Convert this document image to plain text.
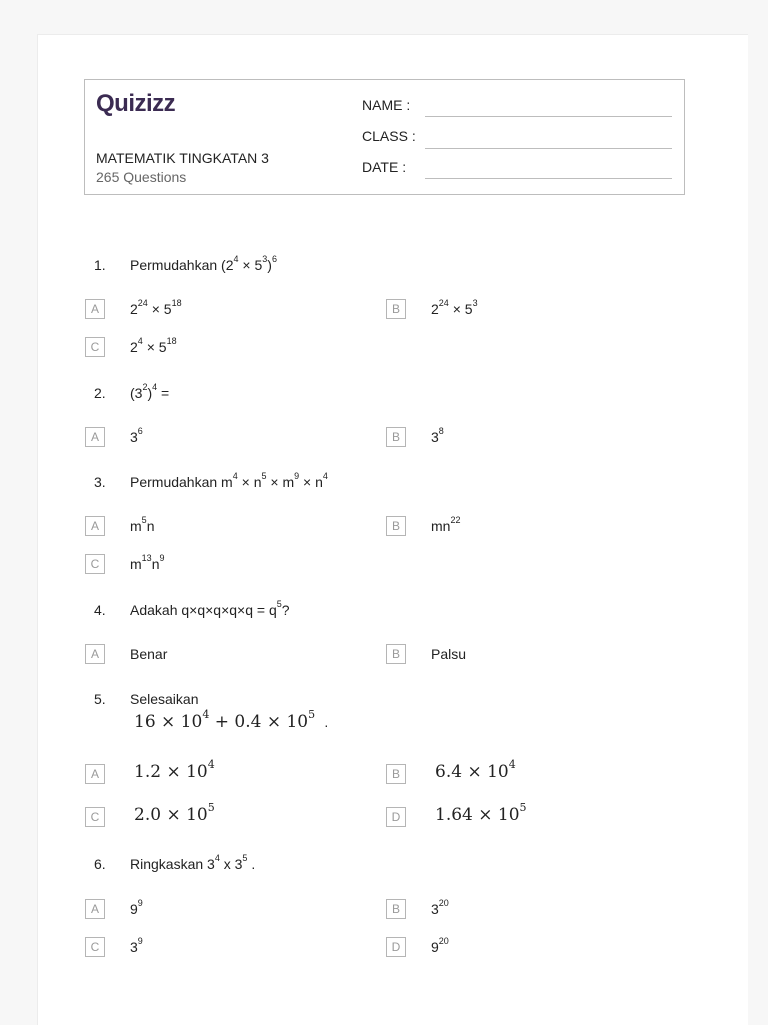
Quizizz
MATEMATIK TINGKATAN 3
265 Questions
NAME :
CLASS :
DATE :
1. Permudahkan $(2^4 \times 5^3)^6$
A	$2^{24} \times 5^{18}$	B	$2^{24} \times 5^3$
C	$2^4 \times 5^{18}$
2. $(3^2)^4$ =
A	$3^6$	B	$3^8$
3. Permudahkan $m^4 \times n^5 \times m^9 \times n^4$
A	$m^5n$	B	$mn^{22}$
C	$m^{13}n^9$
4. Adakah $q\times q\times q\times q\times q = q^5$?
A	Benar	B	Palsu
5. Selesaikan
$16 \times 10^4 + 0.4 \times 10^5$  .
A	$1.2 \times 10^4$
B	$6.4 \times 10^4$
C	$2.0 \times 10^5$
D	$1.64 \times 10^5$
6. Ringkaskan $3^4$ x $3^5$ .
A	$9^9$	B	$3^{20}$
C	$3^9$	D	$9^{20}$
